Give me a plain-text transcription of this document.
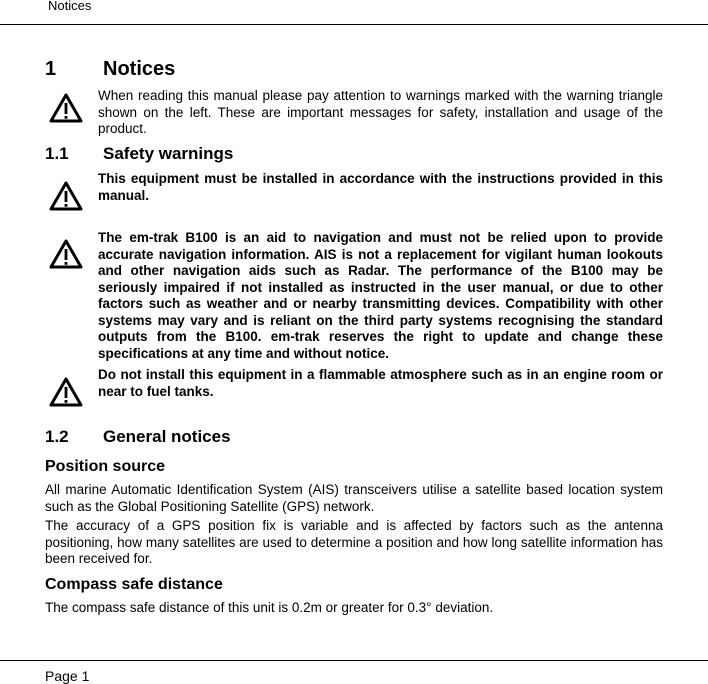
Notices
1 Notices
When reading this manual please pay attention to warnings marked with the warning triangle shown on the left. These are important messages for safety, installation and usage of the product.
1.1 Safety warnings
This equipment must be installed in accordance with the instructions provided in this manual.
The em-trak B100 is an aid to navigation and must not be relied upon to provide accurate navigation information. AIS is not a replacement for vigilant human lookouts and other navigation aids such as Radar. The performance of the B100 may be seriously impaired if not installed as instructed in the user manual, or due to other factors such as weather and or nearby transmitting devices. Compatibility with other systems may vary and is reliant on the third party systems recognising the standard outputs from the B100. em-trak reserves the right to update and change these specifications at any time and without notice.
Do not install this equipment in a flammable atmosphere such as in an engine room or near to fuel tanks.
1.2 General notices
Position source
All marine Automatic Identification System (AIS) transceivers utilise a satellite based location system such as the Global Positioning Satellite (GPS) network.
The accuracy of a GPS position fix is variable and is affected by factors such as the antenna positioning, how many satellites are used to determine a position and how long satellite information has been received for.
Compass safe distance
The compass safe distance of this unit is 0.2m or greater for 0.3° deviation.
Page 1
